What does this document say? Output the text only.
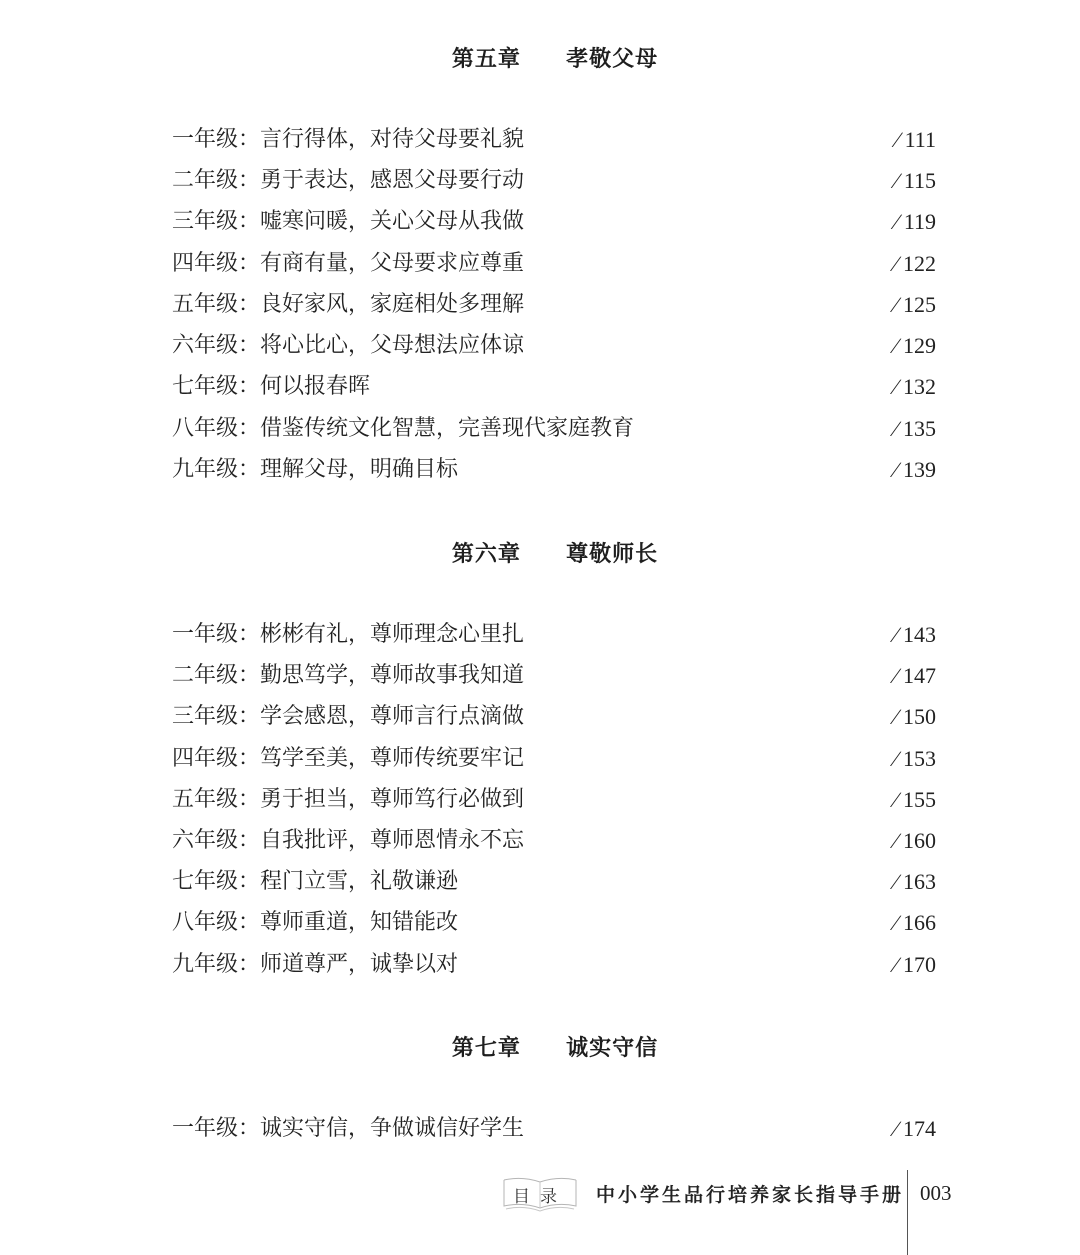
第五章  孝敬父母
一年级：言行得体，对待父母要礼貌	∕ 111
二年级：勇于表达，感恩父母要行动	∕ 115
三年级：嘘寒问暖，关心父母从我做	∕ 119
四年级：有商有量，父母要求应尊重	∕ 122
五年级：良好家风，家庭相处多理解	∕ 125
六年级：将心比心，父母想法应体谅	∕ 129
七年级：何以报春晖	∕ 132
八年级：借鉴传统文化智慧，完善现代家庭教育	∕ 135
九年级：理解父母，明确目标	∕ 139
第六章  尊敬师长
一年级：彬彬有礼，尊师理念心里扎	∕ 143
二年级：勤思笃学，尊师故事我知道	∕ 147
三年级：学会感恩，尊师言行点滴做	∕ 150
四年级：笃学至美，尊师传统要牢记	∕ 153
五年级：勇于担当，尊师笃行必做到	∕ 155
六年级：自我批评，尊师恩情永不忘	∕ 160
七年级：程门立雪，礼敬谦逊	∕ 163
八年级：尊师重道，知错能改	∕ 166
九年级：师道尊严，诚挚以对	∕ 170
第七章  诚实守信
一年级：诚实守信，争做诚信好学生	∕ 174
目录 中小学生品行培养家长指导手册 003
